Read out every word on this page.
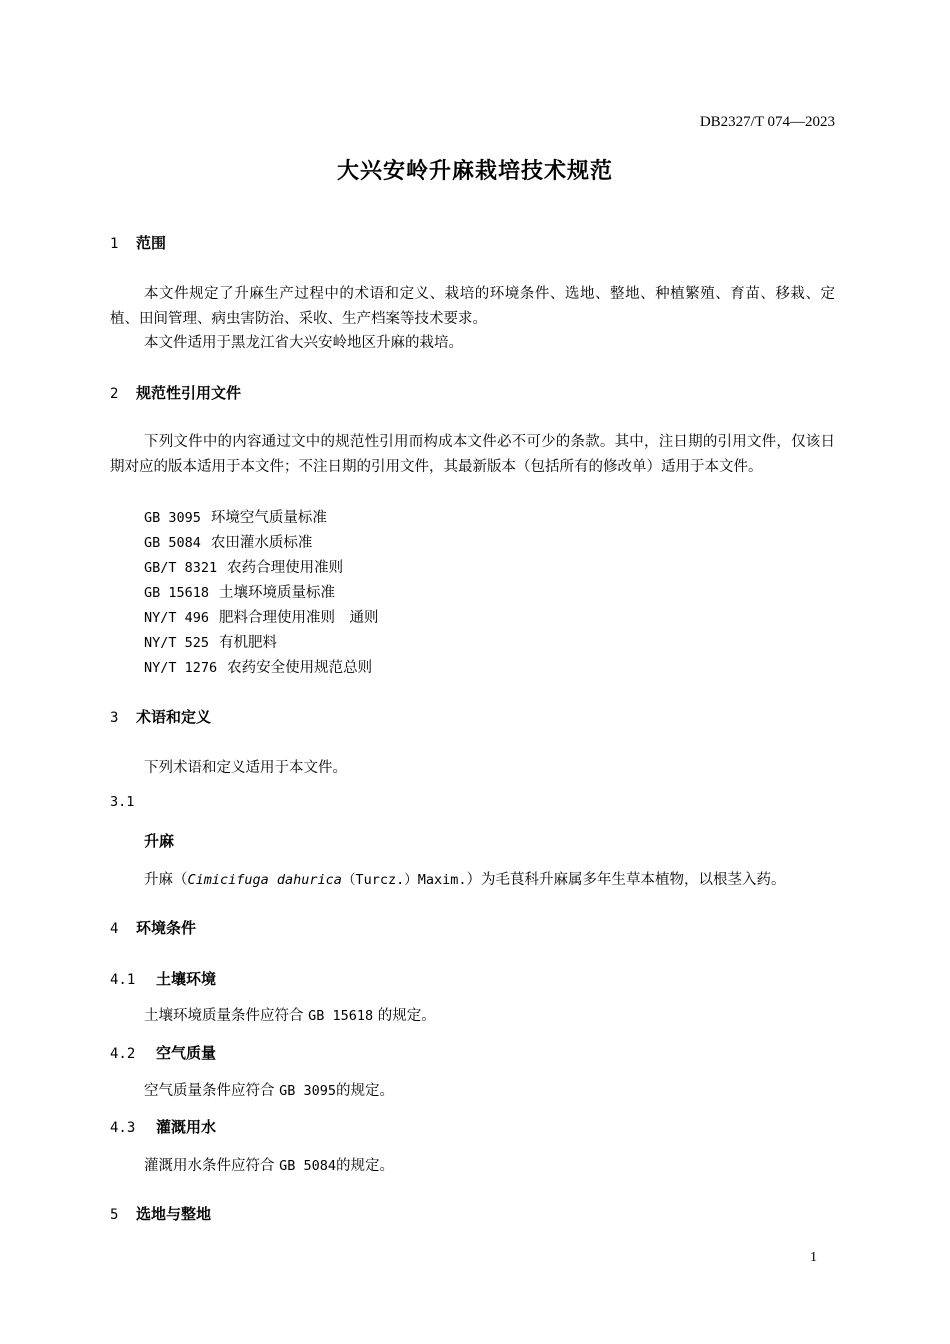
DB2327/T 074—2023
大兴安岭升麻栽培技术规范
1 范围
本文件规定了升麻生产过程中的术语和定义、栽培的环境条件、选地、整地、种植繁殖、育苗、移栽、定植、田间管理、病虫害防治、采收、生产档案等技术要求。
本文件适用于黑龙江省大兴安岭地区升麻的栽培。
2 规范性引用文件
下列文件中的内容通过文中的规范性引用而构成本文件必不可少的条款。其中，注日期的引用文件，仅该日期对应的版本适用于本文件；不注日期的引用文件，其最新版本（包括所有的修改单）适用于本文件。
GB 3095 环境空气质量标准
GB 5084 农田灌水质标准
GB/T 8321 农药合理使用准则
GB 15618 土壤环境质量标准
NY/T 496 肥料合理使用准则　通则
NY/T 525 有机肥料
NY/T 1276 农药安全使用规范总则
3 术语和定义
下列术语和定义适用于本文件。
3.1
升麻
升麻（Cimicifuga dahurica（Turcz.）Maxim.）为毛茛科升麻属多年生草本植物，以根茎入药。
4 环境条件
4.1 土壤环境
土壤环境质量条件应符合 GB 15618 的规定。
4.2 空气质量
空气质量条件应符合 GB 3095的规定。
4.3 灌溉用水
灌溉用水条件应符合 GB 5084的规定。
5 选地与整地
1
